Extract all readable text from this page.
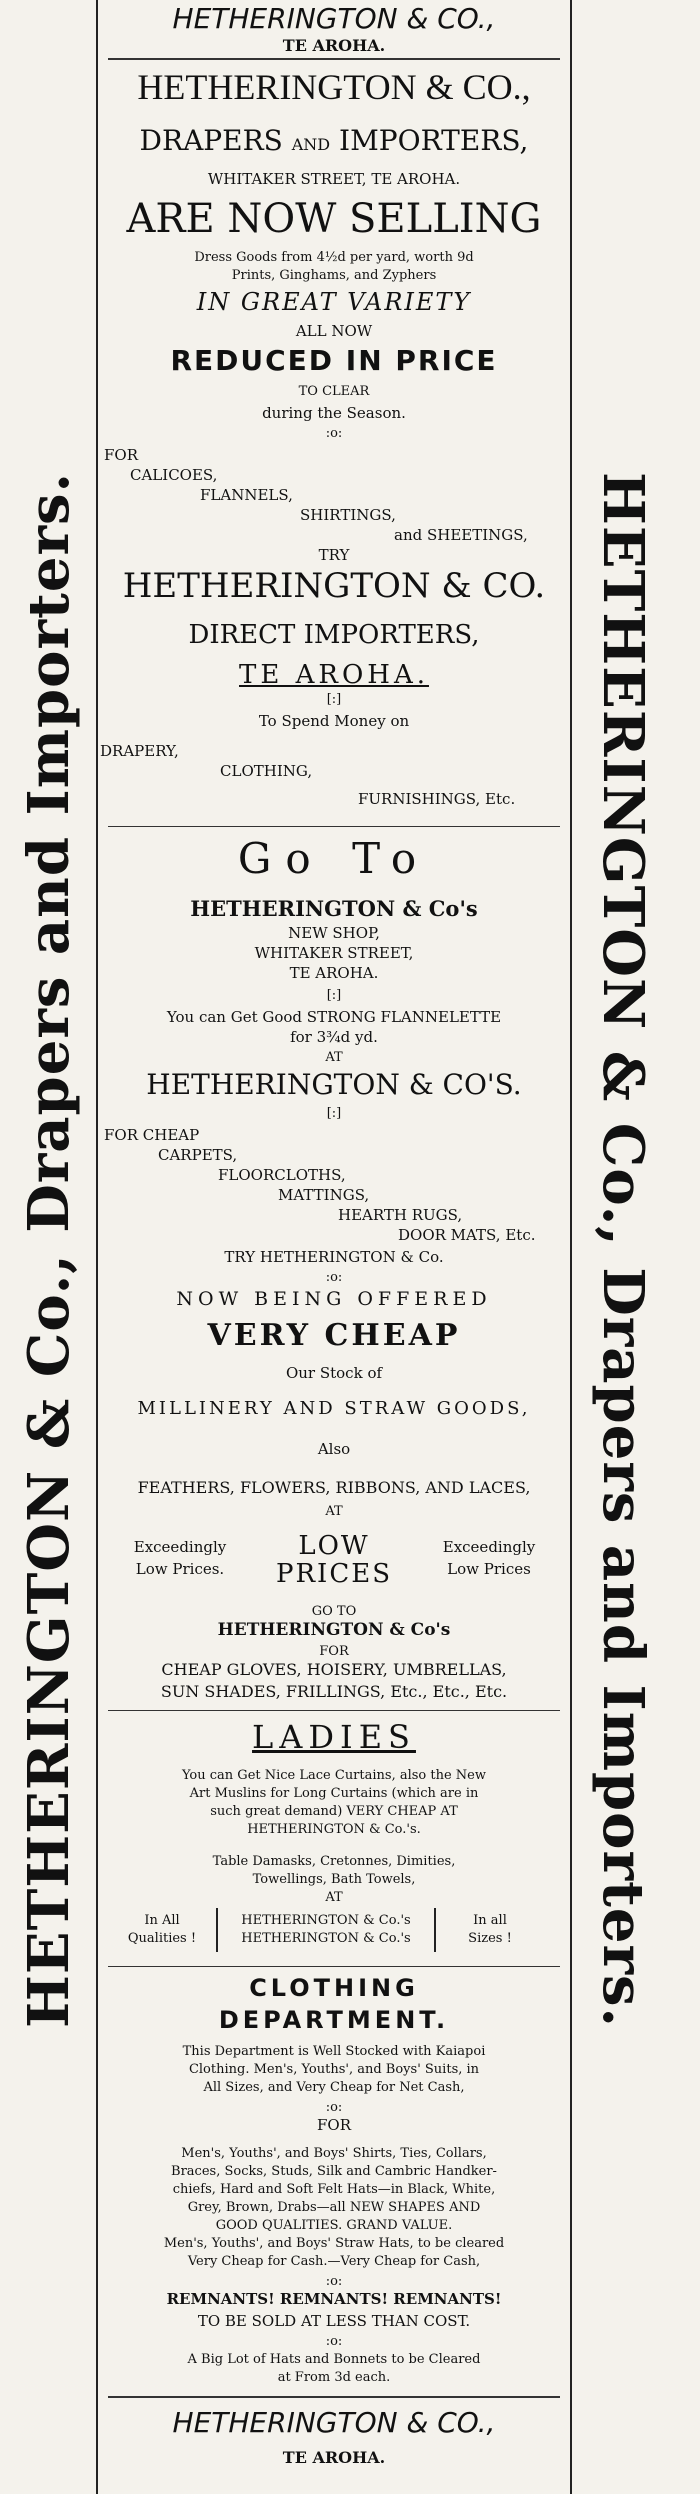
HETHERINGTON & Co., Drapers and Importers.	HETHERINGTON & Co., Drapers and Importers.
HETHERINGTON & CO.,
TE AROHA.
HETHERINGTON & CO.,
DRAPERS AND IMPORTERS,
WHITAKER STREET, TE AROHA.
ARE NOW SELLING
Dress Goods from 4½d per yard, worth 9d
Prints, Ginghams, and Zyphers
IN GREAT VARIETY
ALL NOW
REDUCED IN PRICE
TO CLEAR
during the Season.
:o:
FOR
CALICOES,
FLANNELS,
SHIRTINGS,
and SHEETINGS,
TRY
HETHERINGTON & CO.
DIRECT IMPORTERS,
TE AROHA.
[:]
To Spend Money on
DRAPERY,
CLOTHING,
FURNISHINGS, Etc.
Go To
HETHERINGTON & Co's
NEW SHOP,
WHITAKER STREET,
TE AROHA.
[:]
You can Get Good STRONG FLANNELETTE
for 3¾d yd.
AT
HETHERINGTON & CO'S.
[:]
FOR CHEAP
CARPETS,
FLOORCLOTHS,
MATTINGS,
HEARTH RUGS,
DOOR MATS, Etc.
TRY HETHERINGTON & Co.
:o:
NOW BEING OFFERED
VERY CHEAP
Our Stock of
MILLINERY AND STRAW GOODS,
Also
FEATHERS, FLOWERS, RIBBONS, AND LACES,
AT
Exceedingly
Low Prices.
LOW
PRICES
Exceedingly
Low Prices
GO TO
HETHERINGTON & Co's
FOR
CHEAP GLOVES, HOISERY, UMBRELLAS,
SUN SHADES, FRILLINGS, Etc., Etc., Etc.
LADIES
You can Get Nice Lace Curtains, also the New
Art Muslins for Long Curtains (which are in
such great demand) VERY CHEAP AT
HETHERINGTON & Co.'s.
Table Damasks, Cretonnes, Dimities,
Towellings, Bath Towels,
AT
In All
Qualities !
HETHERINGTON & Co.'s
HETHERINGTON & Co.'s
In all
Sizes !
CLOTHING
DEPARTMENT.
This Department is Well Stocked with Kaiapoi
Clothing. Men's, Youths', and Boys' Suits, in
All Sizes, and Very Cheap for Net Cash,
:o:
FOR
Men's, Youths', and Boys' Shirts, Ties, Collars,
Braces, Socks, Studs, Silk and Cambric Handker-
chiefs, Hard and Soft Felt Hats—in Black, White,
Grey, Brown, Drabs—all NEW SHAPES AND
GOOD QUALITIES. GRAND VALUE.
Men's, Youths', and Boys' Straw Hats, to be cleared
Very Cheap for Cash.—Very Cheap for Cash,
:o:
REMNANTS! REMNANTS! REMNANTS!
TO BE SOLD AT LESS THAN COST.
:o:
A Big Lot of Hats and Bonnets to be Cleared
at From 3d each.
HETHERINGTON & CO.,
TE AROHA.
